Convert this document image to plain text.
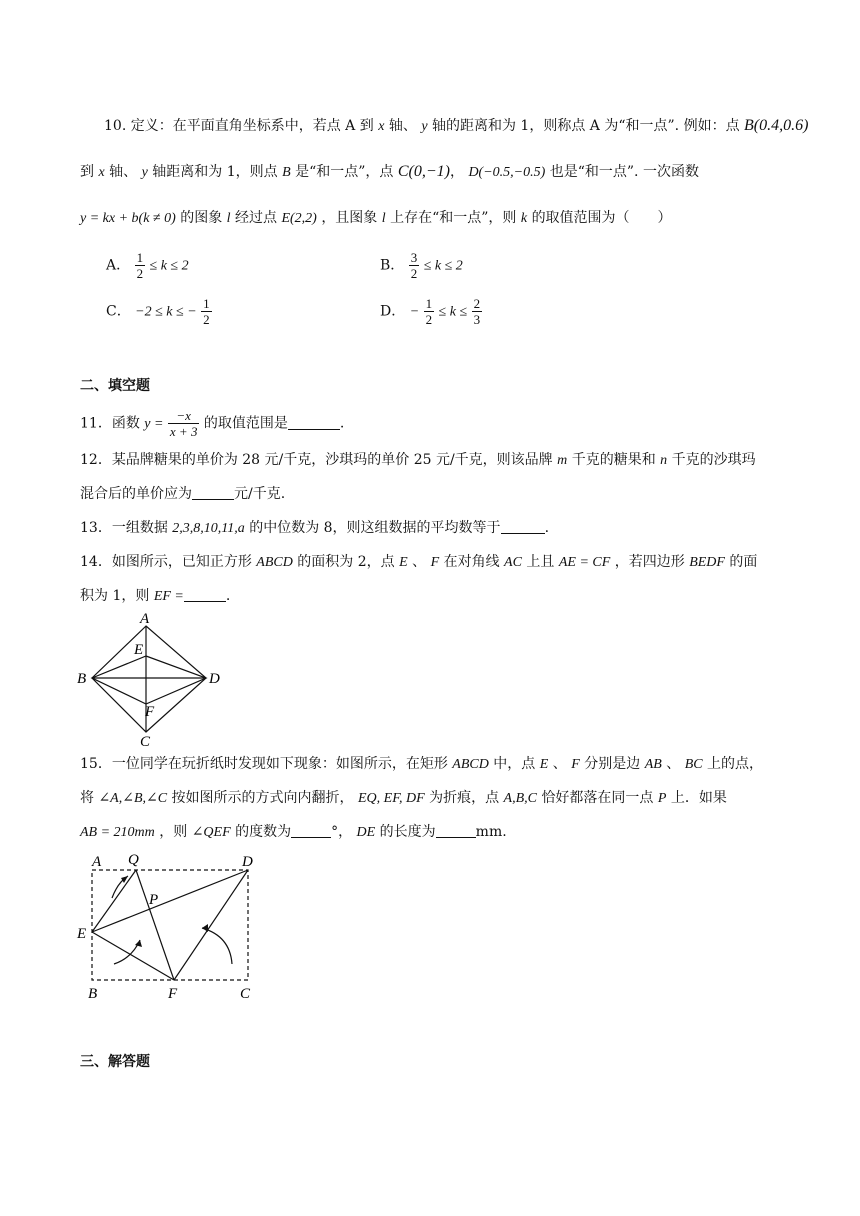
10. 定义：在平面直角坐标系中，若点 A 到 x 轴、 y 轴的距离和为 1，则称点 A 为“和一点”. 例如：点 B(0.4,0.6)
到 x 轴、 y 轴距离和为 1，则点 B 是“和一点”，点 C(0,−1)， D(−0.5,−0.5) 也是“和一点”. 一次函数
y = kx + b(k ≠ 0) 的图象 l 经过点 E(2,2) ，且图象 l 上存在“和一点”，则 k 的取值范围为（　　）
A． $\frac{1}{2} \le k \le 2$	B． $\frac{3}{2} \le k \le 2$
C． −2 ≤ k ≤ − $\frac{1}{2}$	D． − $\frac{1}{2} \le k \le \frac{2}{3}$
二、填空题
11．函数 $y = \frac{-x}{x + 3}$ 的取值范围是	.
12．某品牌糖果的单价为 28 元/千克，沙琪玛的单价 25 元/千克，则该品牌 m 千克的糖果和 n 千克的沙琪玛
混合后的单价应为	元/千克.
13．一组数据 2,3,8,10,11,a 的中位数为 8，则这组数据的平均数等于	.
14．如图所示，已知正方形 ABCD 的面积为 2，点 E 、 F 在对角线 AC 上且 AE = CF ，若四边形 BEDF 的面
积为 1，则 EF =	.
A
B
C
D
E
F
15．一位同学在玩折纸时发现如下现象：如图所示，在矩形 ABCD 中，点 E 、 F 分别是边 AB 、 BC 上的点，
将 ∠A,∠B,∠C 按如图所示的方式向内翻折， EQ, EF, DF 为折痕，点 A,B,C 恰好都落在同一点 P 上．如果
AB = 210mm ，则 ∠QEF 的度数为	°， DE 的长度为	mm.
A Q	D
P
E
B	F	C
三、解答题
